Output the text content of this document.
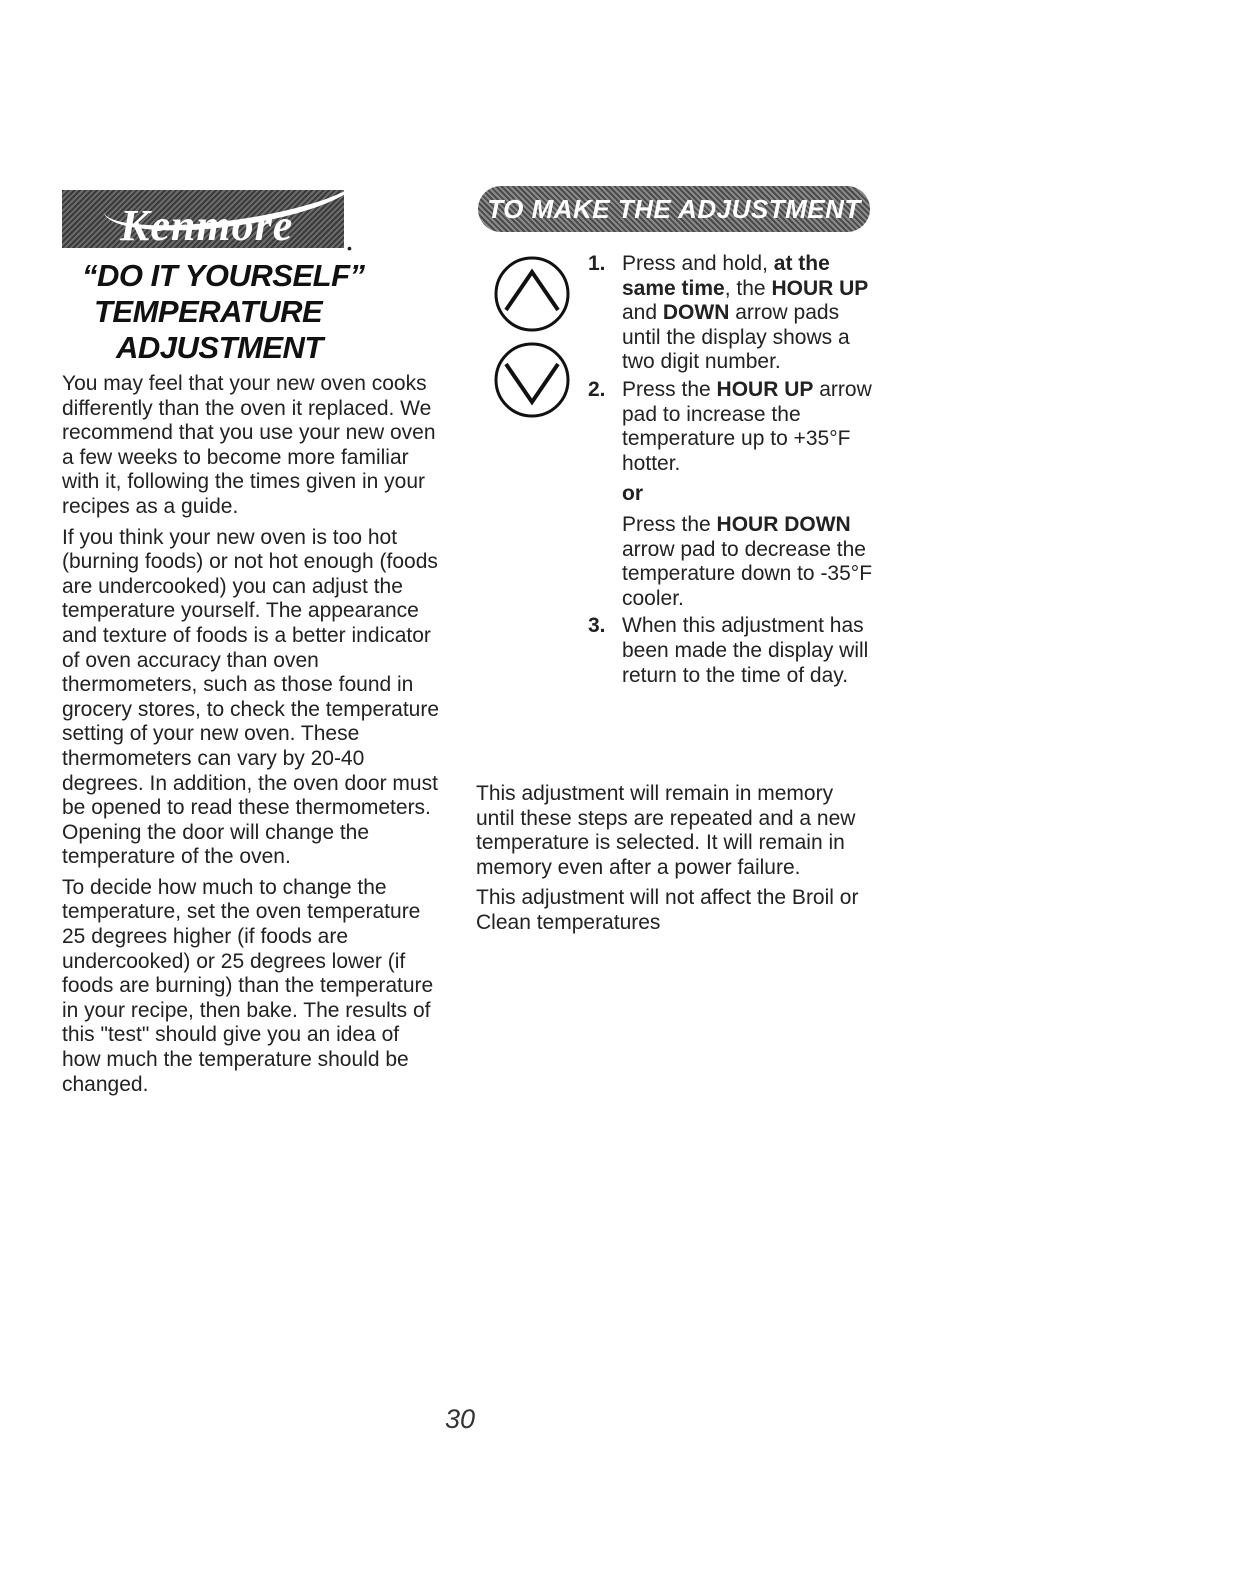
Kenmore	•
“DO IT YOURSELF”
TEMPERATURE
ADJUSTMENT

You may feel that your new oven cooks differently than the oven it replaced. We recommend that you use your new oven a few weeks to become more familiar with it, following the times given in your recipes as a guide.

If you think your new oven is too hot (burning foods) or not hot enough (foods are undercooked) you can adjust the temperature yourself. The appearance and texture of foods is a better indicator of oven accuracy than oven thermometers, such as those found in grocery stores, to check the temperature setting of your new oven. These thermometers can vary by 20-40 degrees. In addition, the oven door must be opened to read these thermometers. Opening the door will change the temperature of the oven.

To decide how much to change the temperature, set the oven temperature 25 degrees higher (if foods are undercooked) or 25 degrees lower (if foods are burning) than the temperature in your recipe, then bake. The results of this "test" should give you an idea of how much the temperature should be changed.

TO MAKE THE ADJUSTMENT
1. Press and hold, at the same time, the HOUR UP and DOWN arrow pads until the display shows a two digit number.
2. Press the HOUR UP arrow pad to increase the temperature up to +35°F hotter.
or
Press the HOUR DOWN arrow pad to decrease the temperature down to -35°F cooler.
3. When this adjustment has been made the display will return to the time of day.

This adjustment will remain in memory until these steps are repeated and a new temperature is selected. It will remain in memory even after a power failure.

This adjustment will not affect the Broil or Clean temperatures

30
